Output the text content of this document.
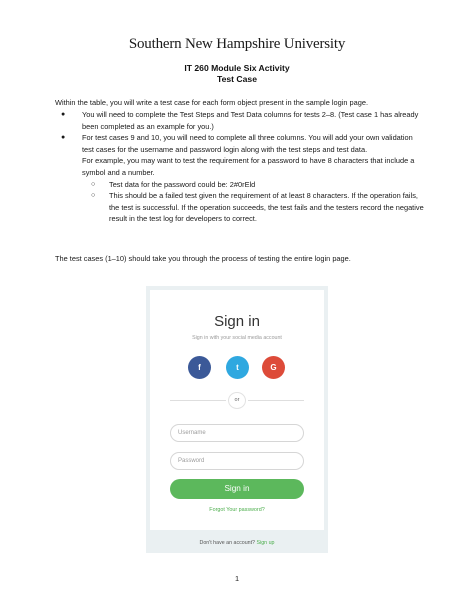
Southern New Hampshire University
IT 260 Module Six Activity
Test Case
Within the table, you will write a test case for each form object present in the sample login page.
● You will need to complete the Test Steps and Test Data columns for tests 2–8. (Test case 1 has already been completed as an example for you.)
● For test cases 9 and 10, you will need to complete all three columns. You will add your own validation test cases for the username and password login along with the test steps and test data.
For example, you may want to test the requirement for a password to have 8 characters that include a symbol and a number.
○ Test data for the password could be: 2#0rEld
○ This should be a failed test given the requirement of at least 8 characters. If the operation fails, the test is successful. If the operation succeeds, the test fails and the testers record the negative result in the test log for developers to correct.
The test cases (1–10) should take you through the process of testing the entire login page.
Sign in
Sign in with your social media account
f	t	G
or
Username
Password
Sign in
Forgot Your password?
Don't have an account? Sign up
1
